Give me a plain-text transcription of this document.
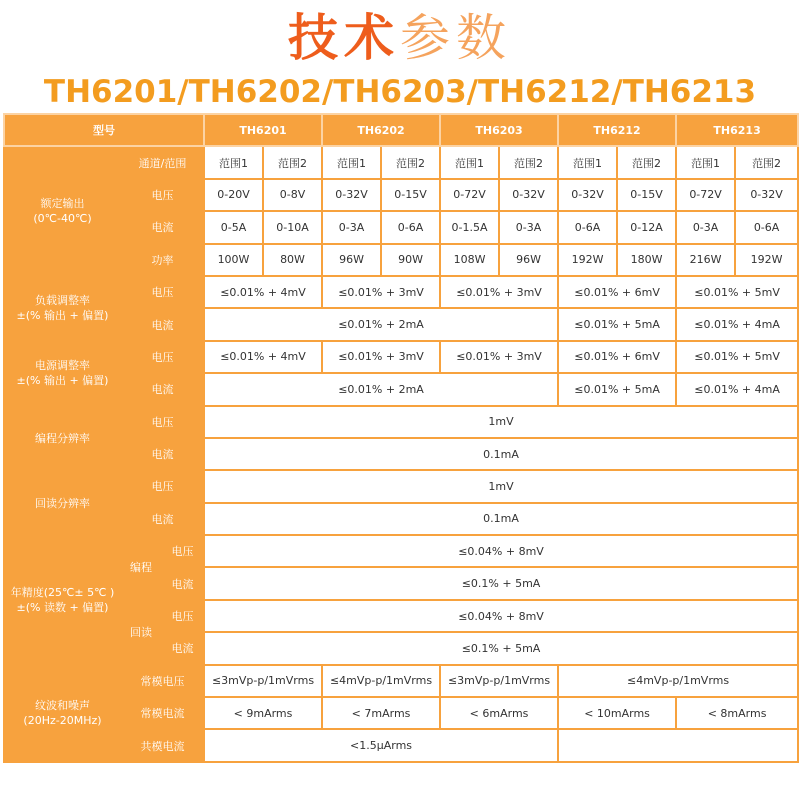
技术参数
TH6201/TH6202/TH6203/TH6212/TH6213
型号			TH6201		TH6202		TH6203		TH6212		TH6213	
额定输出
(0℃-40℃)	通道/范围		范围1	范围2	范围1	范围2	范围1	范围2	范围1	范围2	范围1	范围2
	电压		0-20V	0-8V	0-32V	0-15V	0-72V	0-32V	0-32V	0-15V	0-72V	0-32V
	电流		0-5A	0-10A	0-3A	0-6A	0-1.5A	0-3A	0-6A	0-12A	0-3A	0-6A
	功率		100W	80W	96W	90W	108W	96W	192W	180W	216W	192W
负载调整率
±(% 输出 + 偏置)	电压		≤0.01% + 4mV		≤0.01% + 3mV		≤0.01% + 3mV		≤0.01% + 6mV		≤0.01% + 5mV	
	电流		≤0.01% + 2mA						≤0.01% + 5mA		≤0.01% + 4mA	
电源调整率
±(% 输出 + 偏置)	电压		≤0.01% + 4mV		≤0.01% + 3mV		≤0.01% + 3mV		≤0.01% + 6mV		≤0.01% + 5mV	
	电流		≤0.01% + 2mA						≤0.01% + 5mA		≤0.01% + 4mA	
编程分辨率	电压		1mV									
	电流		0.1mA									
回读分辨率	电压		1mV									
	电流		0.1mA									
年精度(25℃± 5℃ )
±(% 读数 + 偏置)	编程	电压	≤0.04% + 8mV									
		电流	≤0.1% + 5mA									
	回读	电压	≤0.04% + 8mV									
		电流	≤0.1% + 5mA									
纹波和噪声
(20Hz-20MHz)	常模电压		≤3mVp-p/1mVrms		≤4mVp-p/1mVrms		≤3mVp-p/1mVrms		≤4mVp-p/1mVrms			
	常模电流		< 9mArms		< 7mArms		< 6mArms		< 10mArms		< 8mArms	
	共模电流		<1.5μArms									
